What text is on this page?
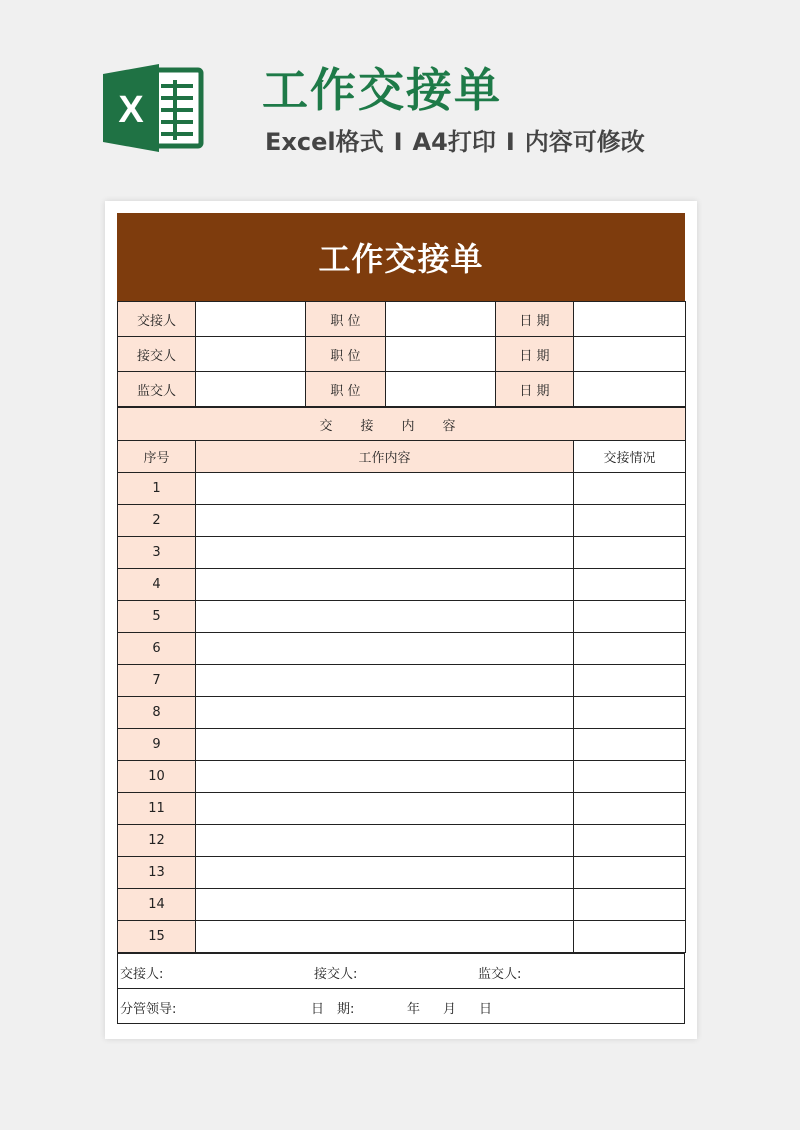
X	工作交接单

Excel格式 I A4打印 I 内容可修改

工作交接单
交接人		职 位		日 期	
接交人		职 位		日 期	
监交人		职 位		日 期	
交接内容		
序号	工作内容	交接情况
1		
2		
3		
4		
5		
6		
7		
8		
9		
10		
11		
12		
13		
14		
15		
交接人:	接交人:	监交人:

分管领导:	日　期:	年 月 日
